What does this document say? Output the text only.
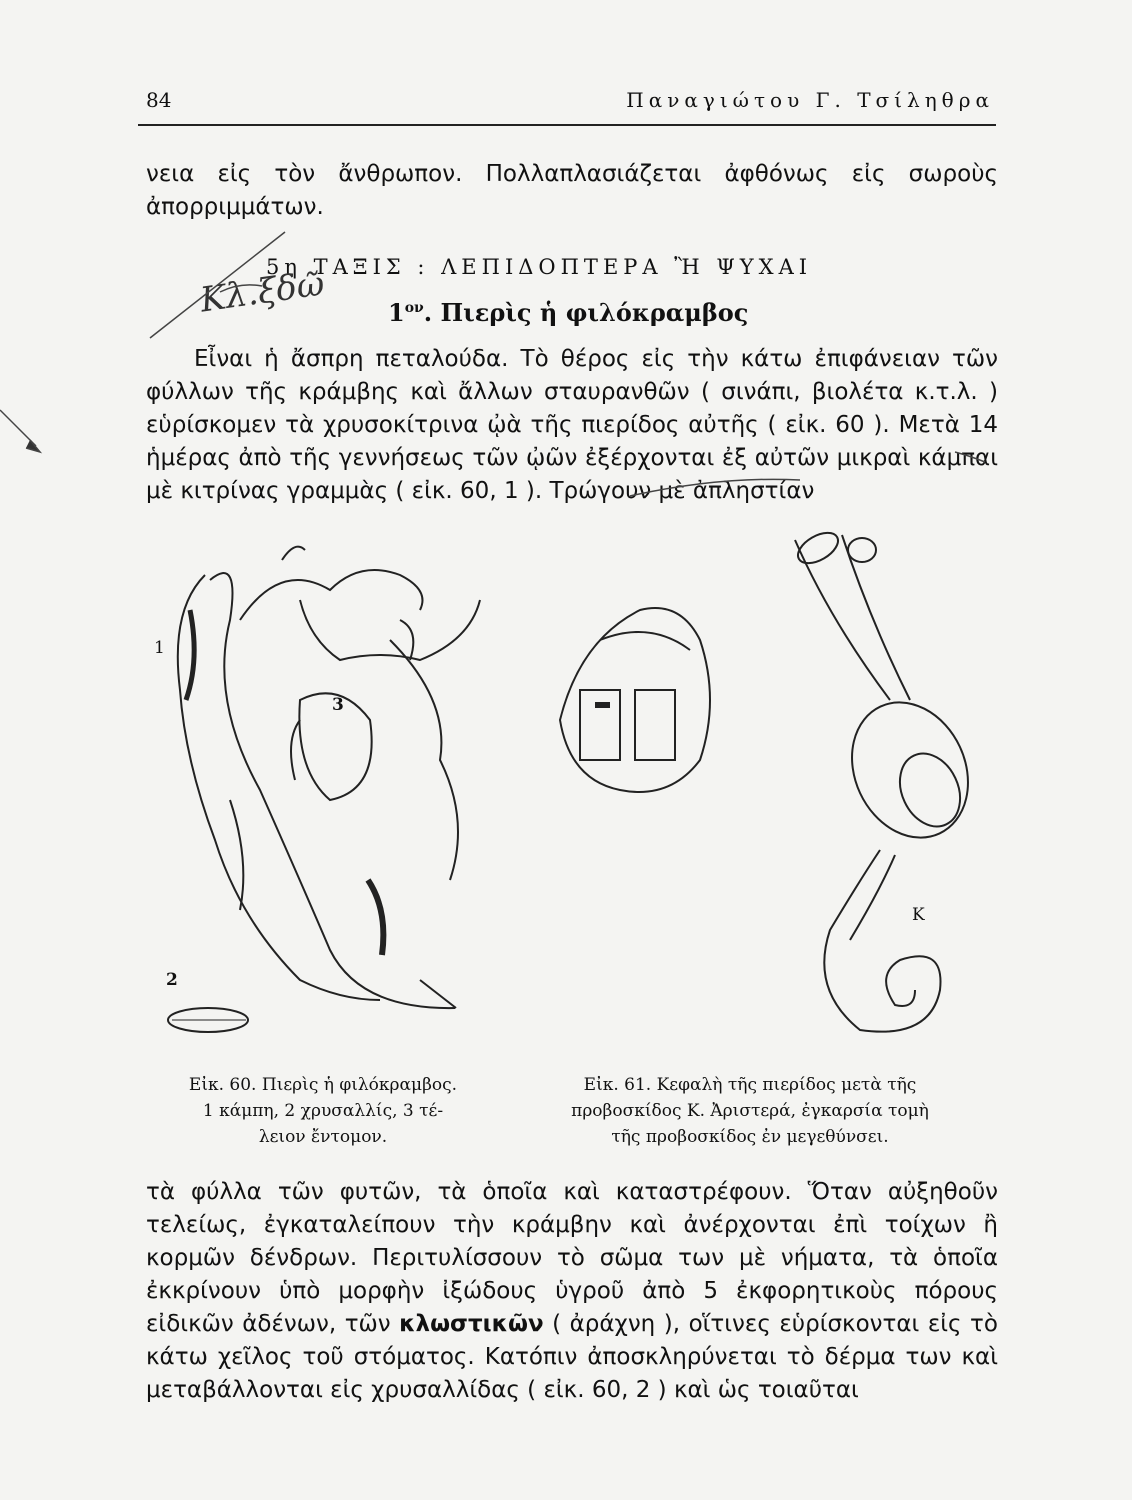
84	Παναγιώτου Γ. Τσίληθρα

νεια εἰς τὸν ἄνθρωπον. Πολλαπλασιάζεται ἀφθόνως εἰς σωροὺς ἀπορριμμάτων.

5η ΤΑΞΙΣ : ΛΕΠΙΔΟΠΤΕΡΑ Ἢ ΨΥΧΑΙ
Κλ.ξδῶ	$1^{o\nu}$. Πιερὶς ἡ φιλόκραμβος

Εἶναι ἡ ἄσπρη πεταλούδα. Τὸ θέρος εἰς τὴν κάτω ἐπιφάνειαν τῶν φύλλων τῆς κράμβης καὶ ἄλλων σταυρανθῶν ( σινάπι, βιολέτα κ.τ.λ. ) εὑρίσκομεν τὰ χρυσοκίτρινα ᾠὰ τῆς πιερίδος αὐτῆς ( εἰκ. 60 ). Μετὰ 14 ἡμέρας ἀπὸ τῆς γεννήσεως τῶν ᾠῶν ἐξέρχονται ἐξ αὐτῶν μικραὶ κάμπαι μὲ κιτρίνας γραμμὰς ( εἰκ. 60, 1 ). Τρώγουν μὲ ἀπληστίαν

1
2
3
Κ
Εἰκ. 60. Πιερὶς ἡ φιλόκραμβος.
1 κάμπη, 2 χρυσαλλίς, 3 τέ-
λειον ἔντομον.
Εἰκ. 61. Κεφαλὴ τῆς πιερίδος μετὰ τῆς
προβοσκίδος Κ. Ἀριστερά, ἐγκαρσία τομὴ
τῆς προβοσκίδος ἐν μεγεθύνσει.

τὰ φύλλα τῶν φυτῶν, τὰ ὁποῖα καὶ καταστρέφουν. Ὅταν αὐξηθοῦν τελείως, ἐγκαταλείπουν τὴν κράμβην καὶ ἀνέρχονται ἐπὶ τοίχων ἢ κορμῶν δένδρων. Περιτυλίσσουν τὸ σῶμα των μὲ νήματα, τὰ ὁποῖα ἐκκρίνουν ὑπὸ μορφὴν ἰξώδους ὑγροῦ ἀπὸ 5 ἐκφορητικοὺς πόρους εἰδικῶν ἀδένων, τῶν κλωστικῶν ( ἀράχνη ), οἵτινες εὑρίσκονται εἰς τὸ κάτω χεῖλος τοῦ στόματος. Κατόπιν ἀποσκληρύνεται τὸ δέρμα των καὶ μεταβάλλονται εἰς χρυσαλλίδας ( εἰκ. 60, 2 ) καὶ ὡς τοιαῦται
